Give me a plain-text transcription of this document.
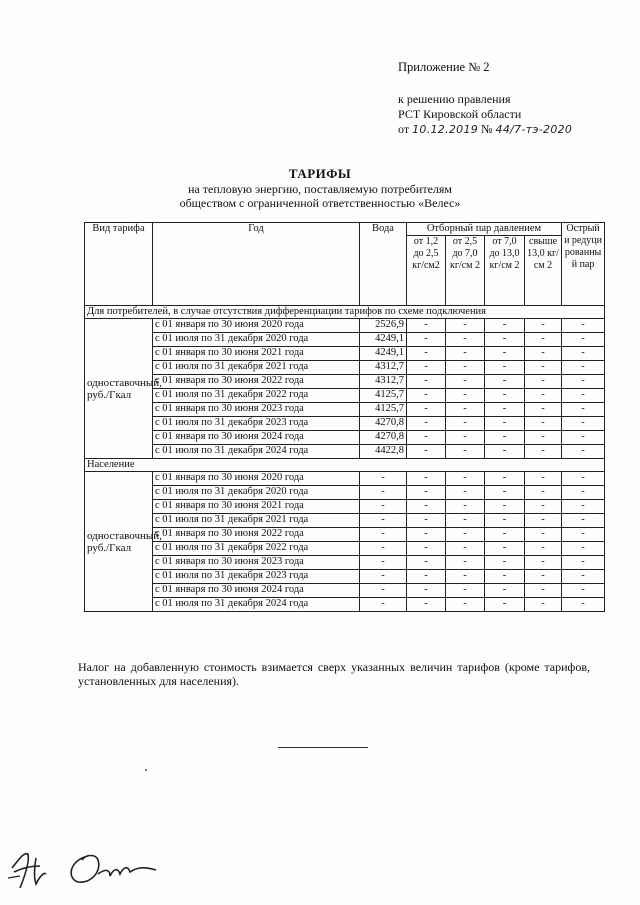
Приложение № 2
к решению правления
РСТ Кировской области
от 10.12.2019 № 44/7-тэ-2020
ТАРИФЫ
на тепловую энергию, поставляемую потребителям
обществом с ограниченной ответственностью «Велес»
Вид тарифа	Год	Вода	Отборный пар давлением				Острый и редуцированный пар
			от 1,2 до 2,5 кг/см2	от 2,5 до 7,0 кг/см 2	от 7,0 до 13,0 кг/см 2	свыше 13,0 кг/см 2	
Для потребителей, в случае отсутствия дифференциации тарифов по схеме подключения							
одноставочный, руб./Гкал	с 01 января по 30 июня 2020 года	2526,9	-	-	-	-	-
	с 01 июля по 31 декабря 2020 года	4249,1	-	-	-	-	-
	с 01 января по 30 июня 2021 года	4249,1	-	-	-	-	-
	с 01 июля по 31 декабря 2021 года	4312,7	-	-	-	-	-
	с 01 января по 30 июня 2022 года	4312,7	-	-	-	-	-
	с 01 июля по 31 декабря 2022 года	4125,7	-	-	-	-	-
	с 01 января по 30 июня 2023 года	4125,7	-	-	-	-	-
	с 01 июля по 31 декабря 2023 года	4270,8	-	-	-	-	-
	с 01 января по 30 июня 2024 года	4270,8	-	-	-	-	-
	с 01 июля по 31 декабря 2024 года	4422,8	-	-	-	-	-
Население							
одноставочный, руб./Гкал	с 01 января по 30 июня 2020 года	-	-	-	-	-	-
	с 01 июля по 31 декабря 2020 года	-	-	-	-	-	-
	с 01 января по 30 июня 2021 года	-	-	-	-	-	-
	с 01 июля по 31 декабря 2021 года	-	-	-	-	-	-
	с 01 января по 30 июня 2022 года	-	-	-	-	-	-
	с 01 июля по 31 декабря 2022 года	-	-	-	-	-	-
	с 01 января по 30 июня 2023 года	-	-	-	-	-	-
	с 01 июля по 31 декабря 2023 года	-	-	-	-	-	-
	с 01 января по 30 июня 2024 года	-	-	-	-	-	-
	с 01 июля по 31 декабря 2024 года	-	-	-	-	-	-
Налог на добавленную стоимость взимается сверх указанных величин тарифов (кроме тарифов, установленных для населения).
